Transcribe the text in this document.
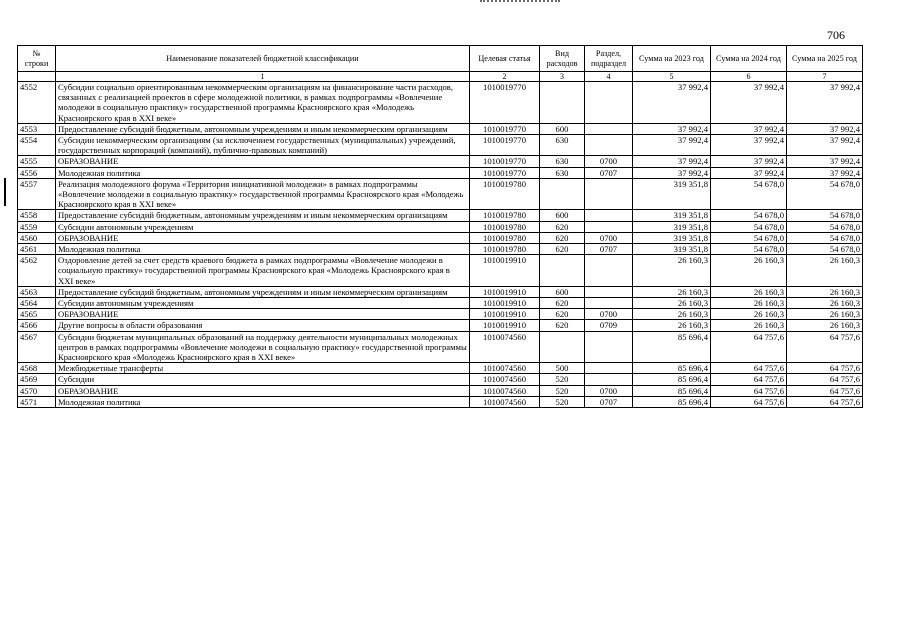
706
№ строки	Наименование показателей бюджетной классификации	Целевая статья	Вид расходов	Раздел, подраздел	Сумма на 2023 год	Сумма на 2024 год	Сумма на 2025 год
	1	2	3	4	5	6	7
4552	Субсидии социально ориентированным некоммерческим организациям на финансирование части расходов, связанных с реализацией проектов в сфере молодежной политики, в рамках подпрограммы «Вовлечение молодежи в социальную практику» государственной программы Красноярского края «Молодежь Красноярского края в XXI веке»	1010019770			37 992,4	37 992,4	37 992,4
4553	Предоставление субсидий бюджетным, автономным учреждениям и иным некоммерческим организациям	1010019770	600		37 992,4	37 992,4	37 992,4
4554	Субсидии некоммерческим организациям (за исключением государственных (муниципальных) учреждений, государственных корпораций (компаний), публично-правовых компаний)	1010019770	630		37 992,4	37 992,4	37 992,4
4555	ОБРАЗОВАНИЕ	1010019770	630	0700	37 992,4	37 992,4	37 992,4
4556	Молодежная политика	1010019770	630	0707	37 992,4	37 992,4	37 992,4
4557	Реализация молодежного форума «Территория инициативной молодежи» в рамках подпрограммы «Вовлечение молодежи в социальную практику» государственной программы Красноярского края «Молодежь Красноярского края в XXI веке»	1010019780			319 351,8	54 678,0	54 678,0
4558	Предоставление субсидий бюджетным, автономным учреждениям и иным некоммерческим организациям	1010019780	600		319 351,8	54 678,0	54 678,0
4559	Субсидии автономным учреждениям	1010019780	620		319 351,8	54 678,0	54 678,0
4560	ОБРАЗОВАНИЕ	1010019780	620	0700	319 351,8	54 678,0	54 678,0
4561	Молодежная политика	1010019780	620	0707	319 351,8	54 678,0	54 678,0
4562	Оздоровление детей за счет средств краевого бюджета в рамках подпрограммы «Вовлечение молодежи в социальную практику» государственной программы Красноярского края «Молодежь Красноярского края в XXI веке»	1010019910			26 160,3	26 160,3	26 160,3
4563	Предоставление субсидий бюджетным, автономным учреждениям и иным некоммерческим организациям	1010019910	600		26 160,3	26 160,3	26 160,3
4564	Субсидии автономным учреждениям	1010019910	620		26 160,3	26 160,3	26 160,3
4565	ОБРАЗОВАНИЕ	1010019910	620	0700	26 160,3	26 160,3	26 160,3
4566	Другие вопросы в области образования	1010019910	620	0709	26 160,3	26 160,3	26 160,3
4567	Субсидии бюджетам муниципальных образований на поддержку деятельности муниципальных молодежных центров в рамках подпрограммы «Вовлечение молодежи в социальную практику» государственной программы Красноярского края «Молодежь Красноярского края в XXI веке»	1010074560			85 696,4	64 757,6	64 757,6
4568	Межбюджетные трансферты	1010074560	500		85 696,4	64 757,6	64 757,6
4569	Субсидии	1010074560	520		85 696,4	64 757,6	64 757,6
4570	ОБРАЗОВАНИЕ	1010074560	520	0700	85 696,4	64 757,6	64 757,6
4571	Молодежная политика	1010074560	520	0707	85 696,4	64 757,6	64 757,6
